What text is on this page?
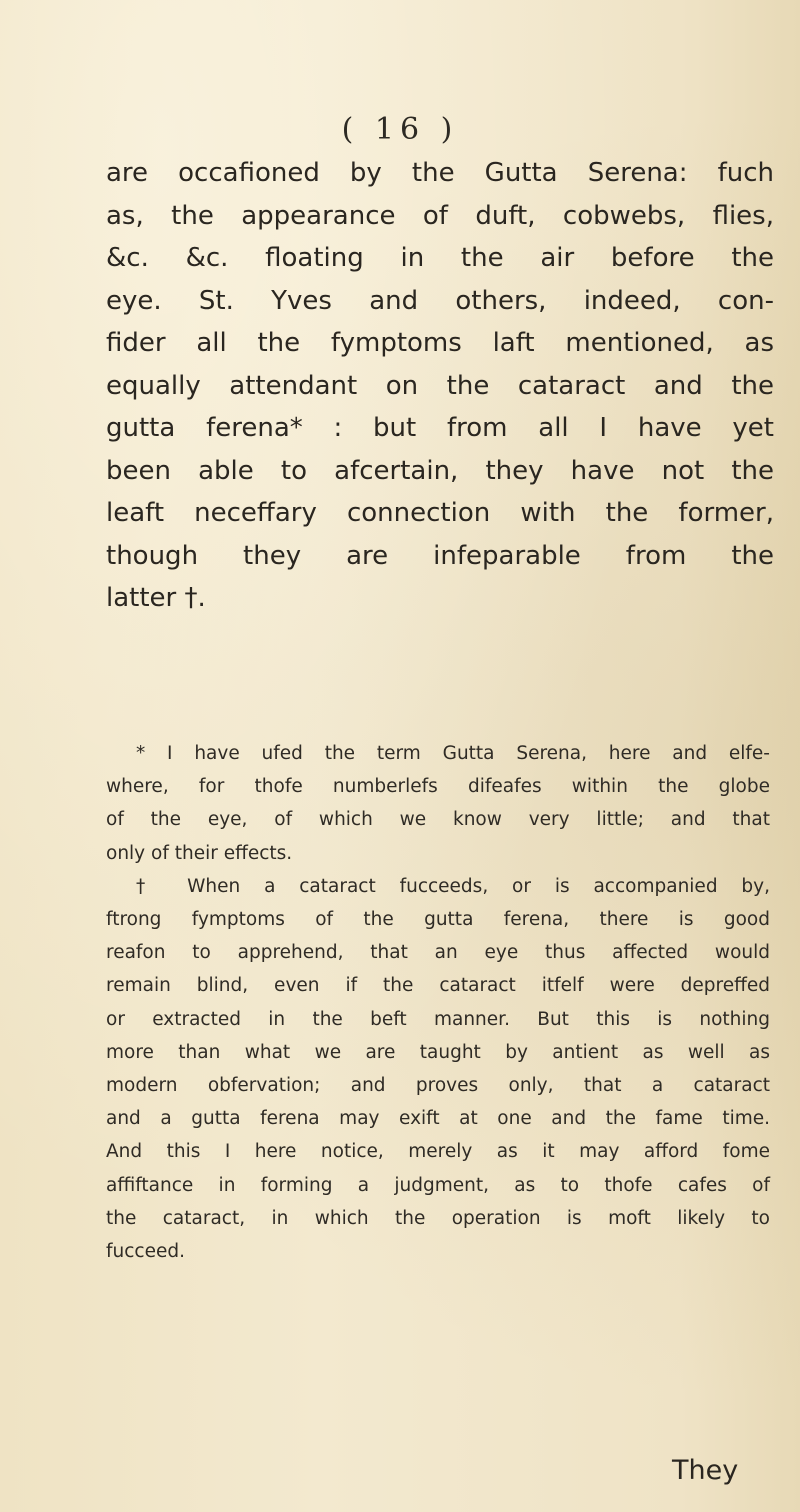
( 16 )
are occafioned by the Gutta Serena: fuch
as, the appearance of duft, cobwebs, flies,
&c. &c. floating in the air before the
eye. St. Yves and others, indeed, con-
fider all the fymptoms laft mentioned, as
equally attendant on the cataract and the
gutta ferena* : but from all I have yet
been able to afcertain, they have not the
leaft neceffary connection with the former,
though they are infeparable from the
latter †.
* I have ufed the term Gutta Serena, here and elfe-
where, for thofe numberlefs difeafes within the globe
of the eye, of which we know very little; and that
only of their effects.
† When a cataract fucceeds, or is accompanied by,
ftrong fymptoms of the gutta ferena, there is good
reafon to apprehend, that an eye thus affected would
remain blind, even if the cataract itfelf were depreffed
or extracted in the beft manner. But this is nothing
more than what we are taught by antient as well as
modern obfervation; and proves only, that a cataract
and a gutta ferena may exift at one and the fame time.
And this I here notice, merely as it may afford fome
affiftance in forming a judgment, as to thofe cafes of
the cataract, in which the operation is moft likely to
fucceed.
They
